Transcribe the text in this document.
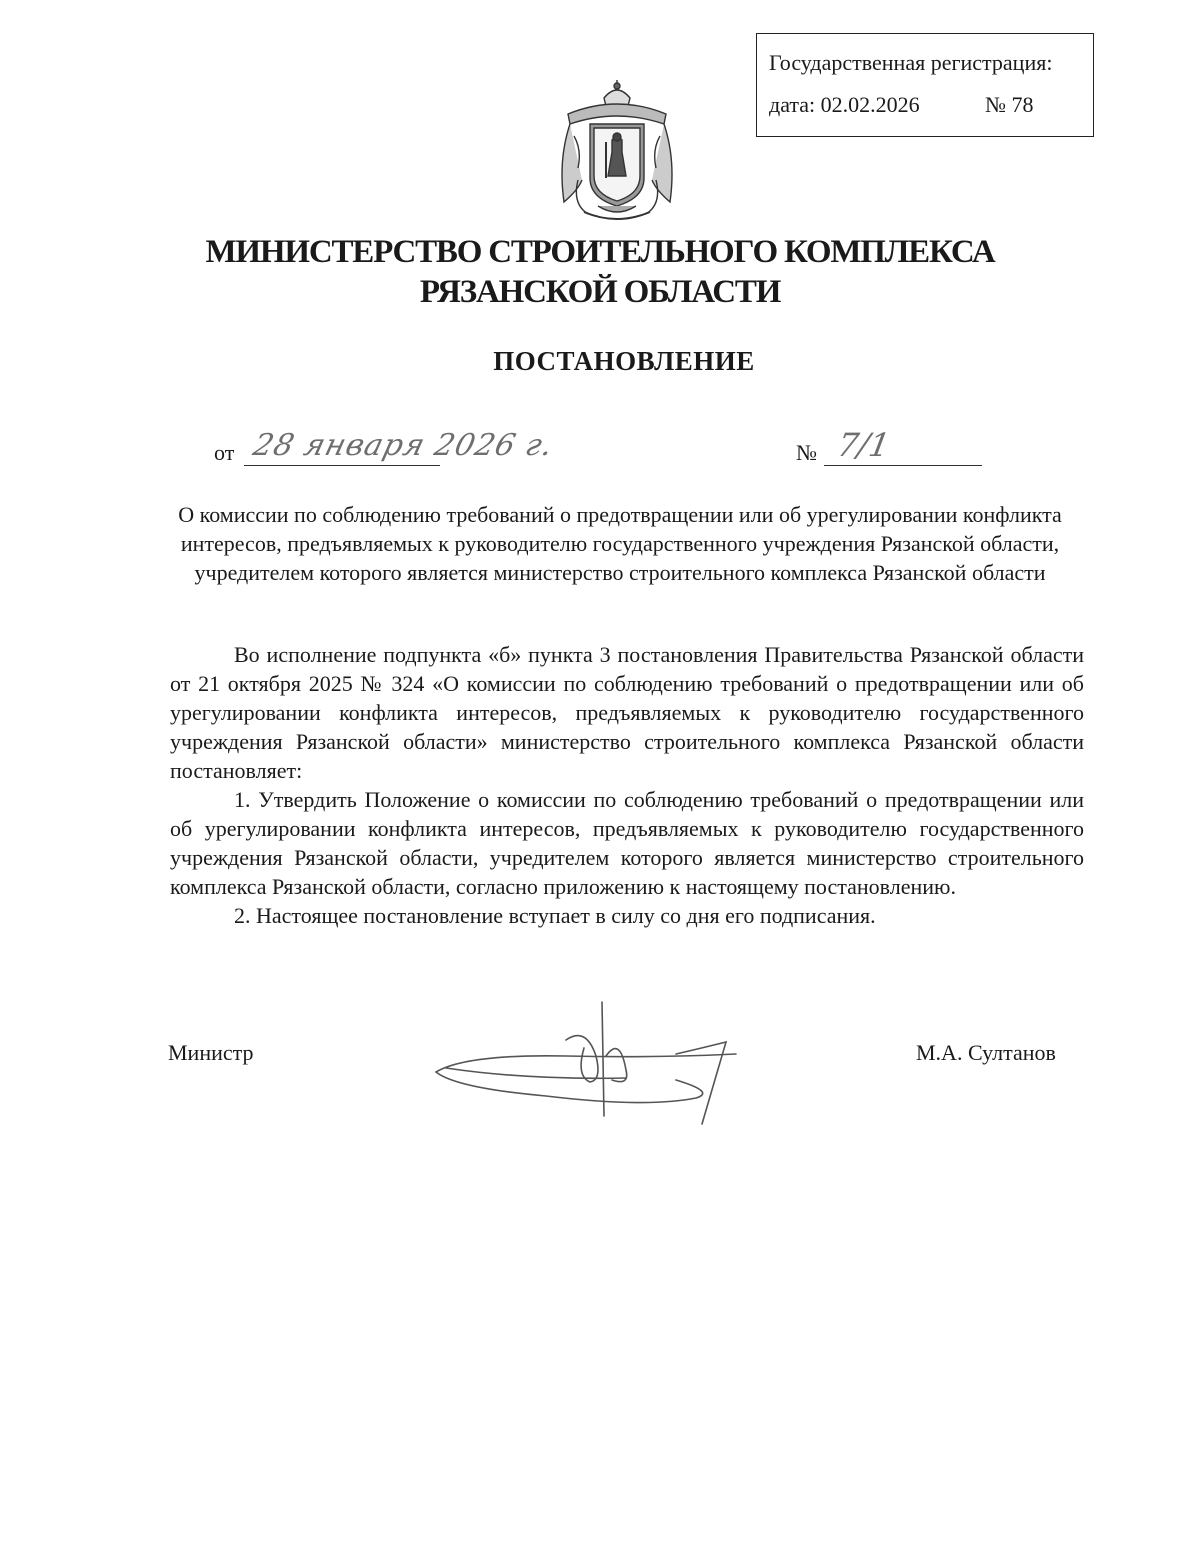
Государственная регистрация:
дата: 02.02.2026	№ 78
МИНИСТЕРСТВО СТРОИТЕЛЬНОГО КОМПЛЕКСА
РЯЗАНСКОЙ ОБЛАСТИ
ПОСТАНОВЛЕНИЕ
от 28 января 2026 г.	№ 7/1
О комиссии по соблюдению требований о предотвращении или об урегулировании конфликта интересов, предъявляемых к руководителю государственного учреждения Рязанской области, учредителем которого является министерство строительного комплекса Рязанской области

Во исполнение подпункта «б» пункта 3 постановления Правительства Рязанской области от 21 октября 2025 № 324 «О комиссии по соблюдению требований о предотвращении или об урегулировании конфликта интересов, предъявляемых к руководителю государственного учреждения Рязанской области» министерство строительного комплекса Рязанской области постановляет:

1. Утвердить Положение о комиссии по соблюдению требований о предотвращении или об урегулировании конфликта интересов, предъявляемых к руководителю государственного учреждения Рязанской области, учредителем которого является министерство строительного комплекса Рязанской области, согласно приложению к настоящему постановлению.

2. Настоящее постановление вступает в силу со дня его подписания.

Министр	М.А. Султанов
